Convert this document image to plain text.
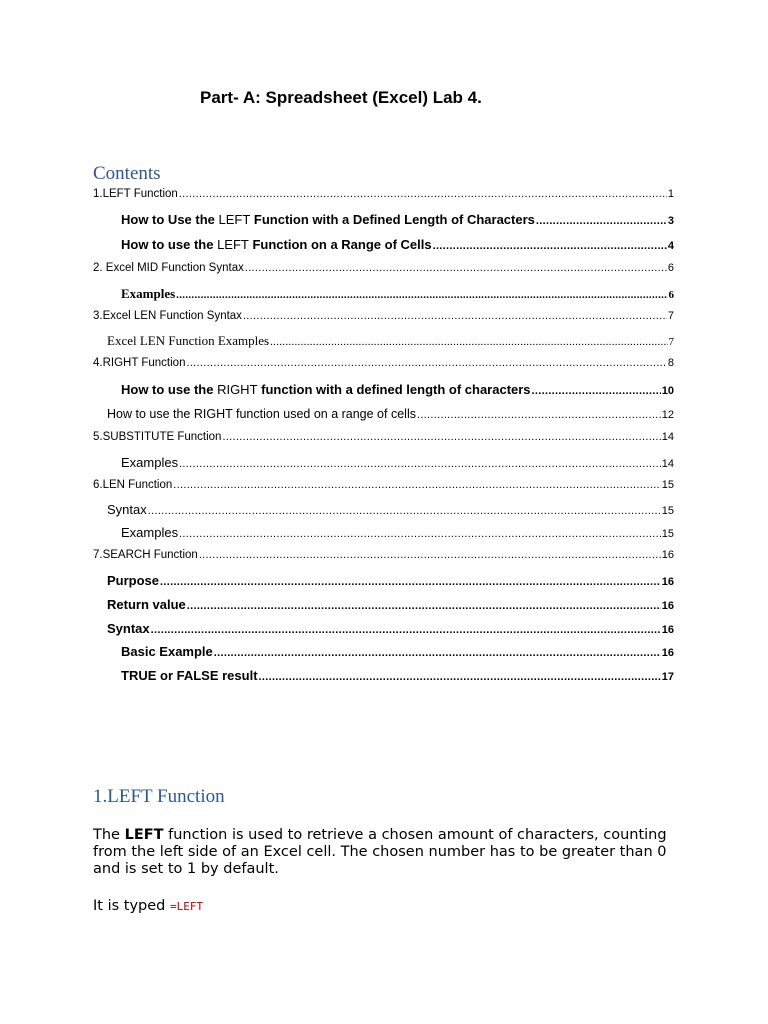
Part- A: Spreadsheet (Excel) Lab 4.
Contents
1.LEFT Function .....	1
How to Use the LEFT Function with a Defined Length of Characters .....	3
How to use the LEFT Function on a Range of Cells .....	4
2. Excel MID Function Syntax .....	6
Examples .....	6
3.Excel LEN Function Syntax .....	7
Excel LEN Function Examples .....	7
4.RIGHT Function .....	8
How to use the RIGHT function with a defined length of characters .....	10
How to use the RIGHT function used on a range of cells .....	12
5.SUBSTITUTE Function .....	14
Examples .....	14
6.LEN Function .....	15
Syntax .....	15
Examples .....	15
7.SEARCH Function .....	16
Purpose .....	16
Return value .....	16
Syntax .....	16
Basic Example .....	16
TRUE or FALSE result .....	17
1.LEFT Function

The LEFT function is used to retrieve a chosen amount of characters, counting from the left side of an Excel cell. The chosen number has to be greater than 0 and is set to 1 by default.

It is typed =LEFT
